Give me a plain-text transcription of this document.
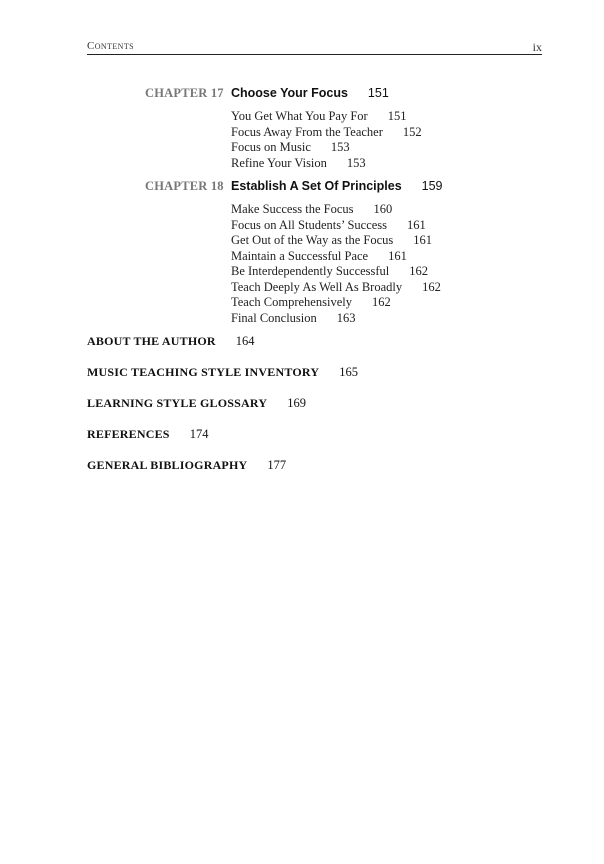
Contents	ix
CHAPTER 17 Choose Your Focus 151
You Get What You Pay For 151
Focus Away From the Teacher 152
Focus on Music 153
Refine Your Vision 153
CHAPTER 18 Establish A Set Of Principles 159
Make Success the Focus 160
Focus on All Students’ Success 161
Get Out of the Way as the Focus 161
Maintain a Successful Pace 161
Be Interdependently Successful 162
Teach Deeply As Well As Broadly 162
Teach Comprehensively 162
Final Conclusion 163
ABOUT THE AUTHOR 164
MUSIC TEACHING STYLE INVENTORY 165
LEARNING STYLE GLOSSARY 169
REFERENCES 174
GENERAL BIBLIOGRAPHY 177
